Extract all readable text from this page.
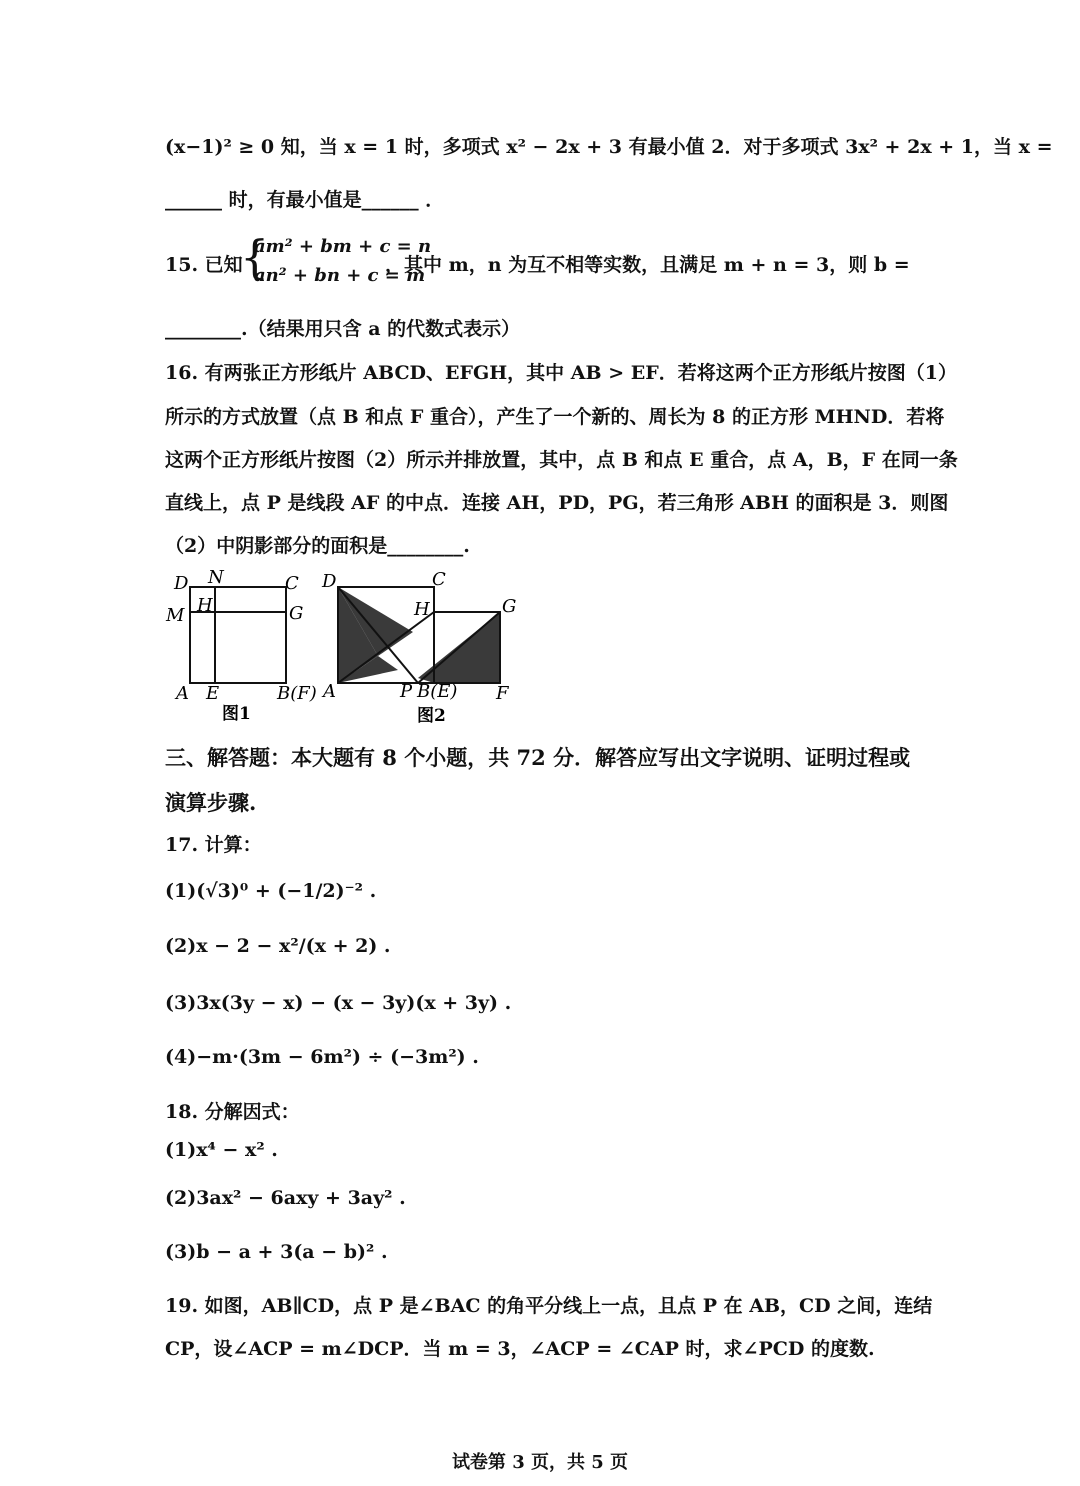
(x−1)² ≥ 0 知，当 x = 1 时，多项式 x² − 2x + 3 有最小值 2．对于多项式 3x² + 2x + 1，当 x =
______ 时，有最小值是______ ．
15. 已知
{
am² + bm + c = n
an² + bn + c = m
，其中 m，n 为互不相等实数，且满足 m + n = 3，则 b =
________.（结果用只含 a 的代数式表示）
16. 有两张正方形纸片 ABCD、EFGH，其中 AB > EF．若将这两个正方形纸片按图（1）
所示的方式放置（点 B 和点 F 重合），产生了一个新的、周长为 8 的正方形 MHND．若将
这两个正方形纸片按图（2）所示并排放置，其中，点 B 和点 E 重合，点 A，B，F 在同一条
直线上，点 P 是线段 AF 的中点．连接 AH，PD，PG，若三角形 ABH 的面积是 3．则图
（2）中阴影部分的面积是________.
D N	C
M H	G
A E	B(F)
图1
D	C
H	G
A	P B(E) F
图2
三、解答题：本大题有 8 个小题，共 72 分．解答应写出文字说明、证明过程或
演算步骤.
17. 计算：
(1)(√3)⁰ + (−1/2)⁻² .
(2)x − 2 − x²/(x + 2) .
(3)3x(3y − x) − (x − 3y)(x + 3y) .
(4)−m·(3m − 6m²) ÷ (−3m²) .
18. 分解因式：
(1)x⁴ − x² .
(2)3ax² − 6axy + 3ay² .
(3)b − a + 3(a − b)² .
19. 如图，AB∥CD，点 P 是∠BAC 的角平分线上一点，且点 P 在 AB，CD 之间，连结
CP，设∠ACP = m∠DCP．当 m = 3，∠ACP = ∠CAP 时，求∠PCD 的度数.
试卷第 3 页，共 5 页
